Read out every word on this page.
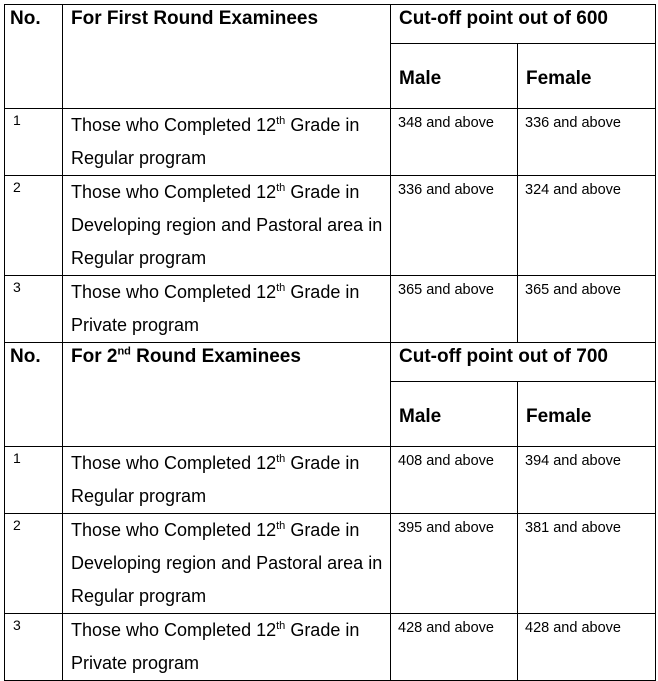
No.	For First Round Examinees	Cut-off point out of 600	
		Male	Female
1	Those who Completed 12th Grade in Regular program	348 and above	336 and above
2	Those who Completed 12th Grade in Developing region and Pastoral area in Regular program	336 and above	324 and above
3	Those who Completed 12th Grade in Private program	365 and above	365 and above
No.	For 2nd Round Examinees	Cut-off point out of 700	
		Male	Female
1	Those who Completed 12th Grade in Regular program	408 and above	394 and above
2	Those who Completed 12th Grade in Developing region and Pastoral area in Regular program	395 and above	381 and above
3	Those who Completed 12th Grade in Private program	428 and above	428 and above
